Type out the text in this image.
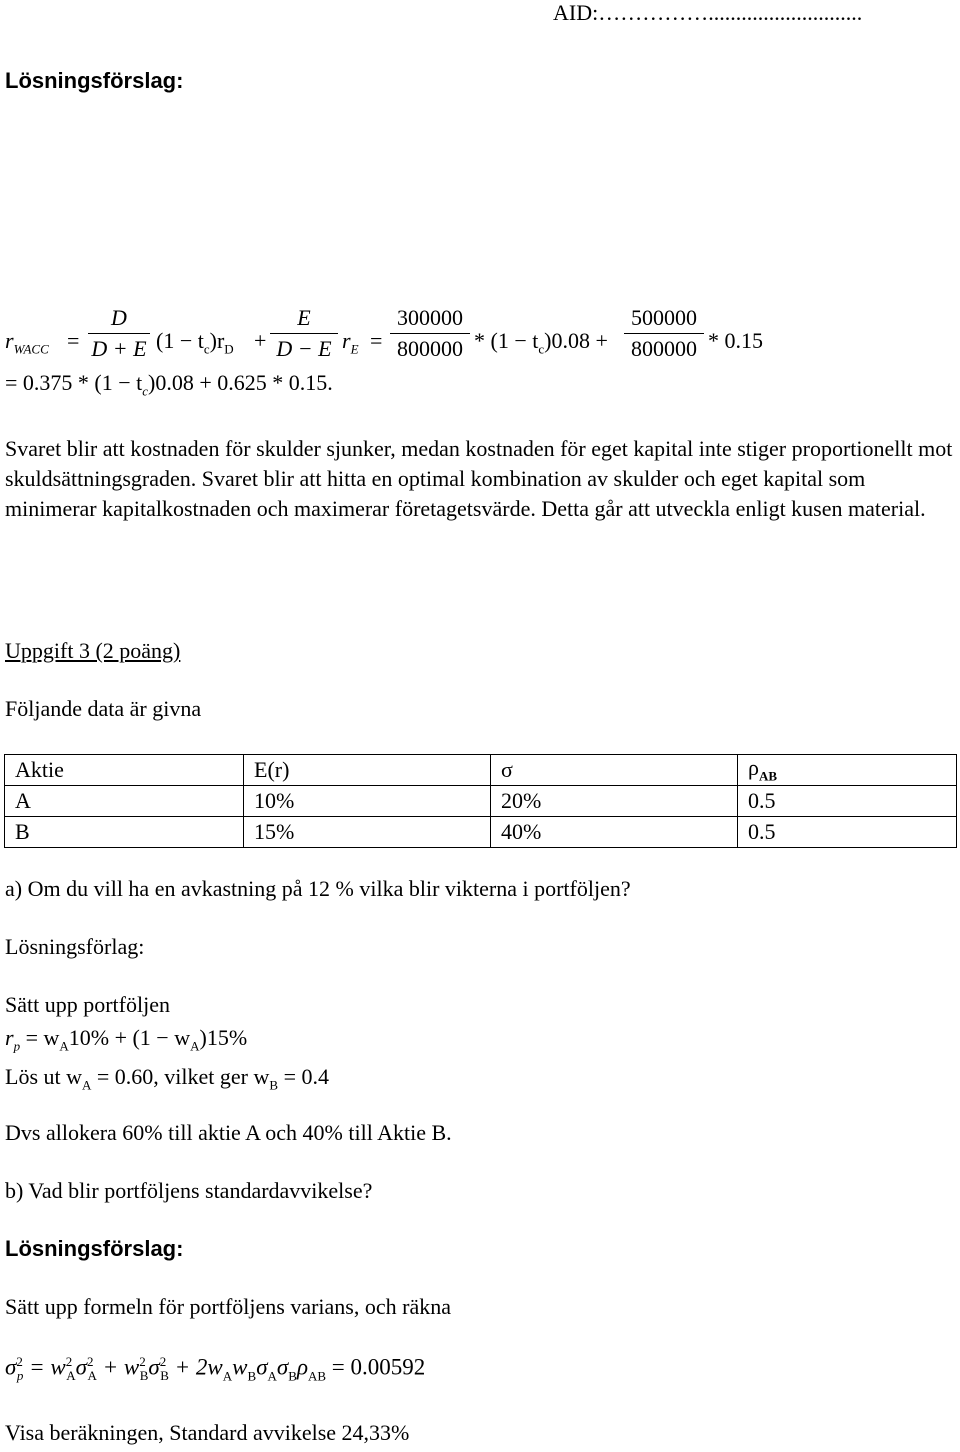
AID:……………............................
Lösningsförslag:
$r_{WACC}$ =
D
D + E $(1 - t_c)r_D$ +
E
D − E $r_E$ =
300000
$800000 * (1 - t_c)0.08$ +
500000
800000 * 0.15
= $0.375 * (1 - t_c)0.08 + 0.625 * 0.15$.

Svaret blir att kostnaden för skulder sjunker, medan kostnaden för eget kapital inte stiger proportionellt mot skuldsättningsgraden. Svaret blir att hitta en optimal kombination av skulder och eget kapital som minimerar kapitalkostnaden och maximerar företagetsvärde. Detta går att utveckla enligt kusen material.

Uppgift 3 (2 poäng)
Följande data är givna
Aktie	E(r)	σ	$\rho_{AB}$
A	10%	20%	0.5
B	15%	40%	0.5
a) Om du vill ha en avkastning på 12 % vilka blir vikterna i portföljen?
Lösningsförlag:
Sätt upp portföljen
$r_p = w_A10\% + (1 - w_A)15\%$
Lös ut $w_A = 0.60$, vilket ger $w_B = 0.4$
Dvs allokera 60% till aktie A och 40% till Aktie B.
b) Vad blir portföljens standardavvikelse?
Lösningsförslag:
Sätt upp formeln för portföljens varians, och räkna
$\sigma^2_p = w^2_A\sigma^2_A + w^2_B\sigma^2_B + 2w_Aw_B\sigma_A\sigma_B\rho_{AB} = 0.00592$
Visa beräkningen, Standard avvikelse 24,33%
